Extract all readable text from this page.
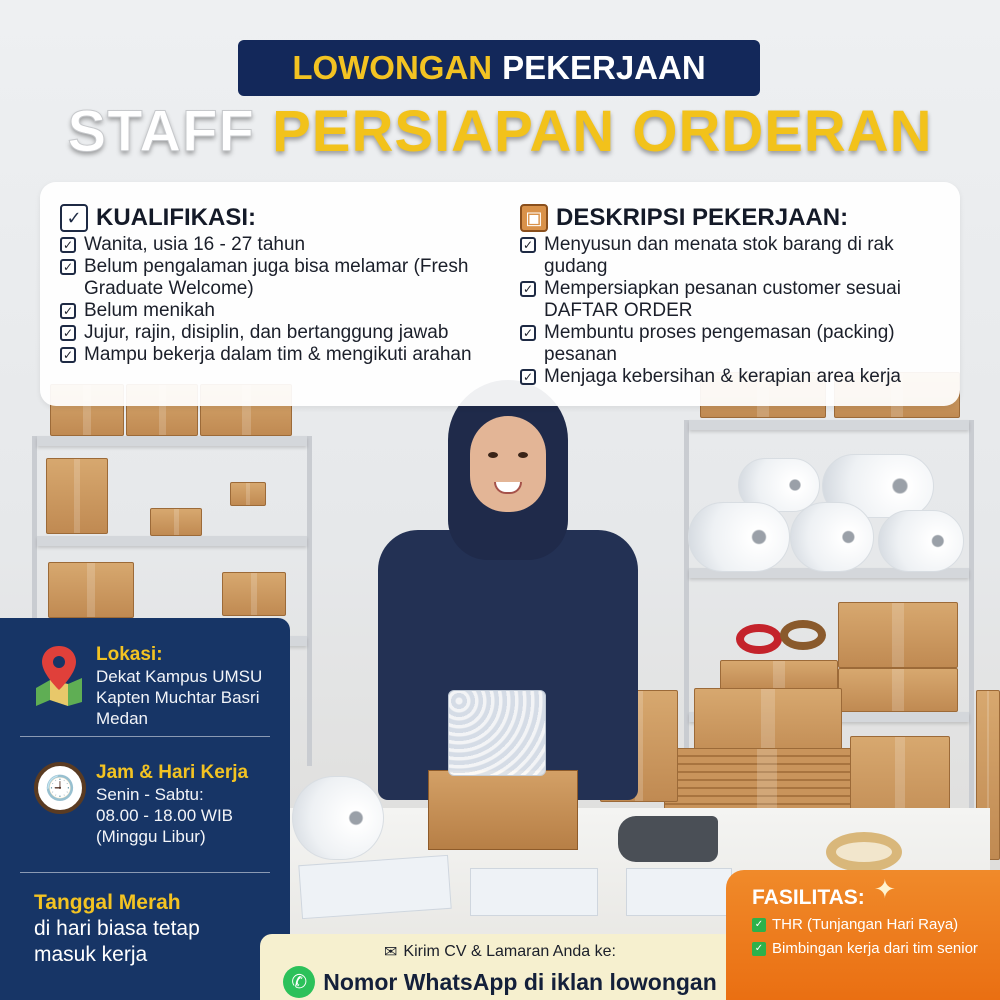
LOWONGAN PEKERJAAN
STAFF PERSIAPAN ORDERAN
✓ KUALIFIKASI:
✓ Wanita, usia 16 - 27 tahun
✓ Belum pengalaman juga bisa melamar (Fresh Graduate Welcome)
✓ Belum menikah
✓ Jujur, rajin, disiplin, dan bertanggung jawab
✓ Mampu bekerja dalam tim & mengikuti arahan
▣ DESKRIPSI PEKERJAAN:
✓ Menyusun dan menata stok barang di rak gudang
✓ Mempersiapkan pesanan customer sesuai DAFTAR ORDER
✓ Membuntu proses pengemasan (packing) pesanan
✓ Menjaga kebersihan & kerapian area kerja
Lokasi:
Dekat Kampus UMSU Kapten Muchtar Basri Medan
🕘
Jam & Hari Kerja
Senin - Sabtu:
08.00 - 18.00 WIB
(Minggu Libur)
Tanggal Merah
di hari biasa tetap masuk kerja	✉ Kirim CV & Lamaran Anda ke:
✆ Nomor WhatsApp di iklan lowongan
✦
FASILITAS:
✓ THR (Tunjangan Hari Raya)
✓ Bimbingan kerja dari tim senior
